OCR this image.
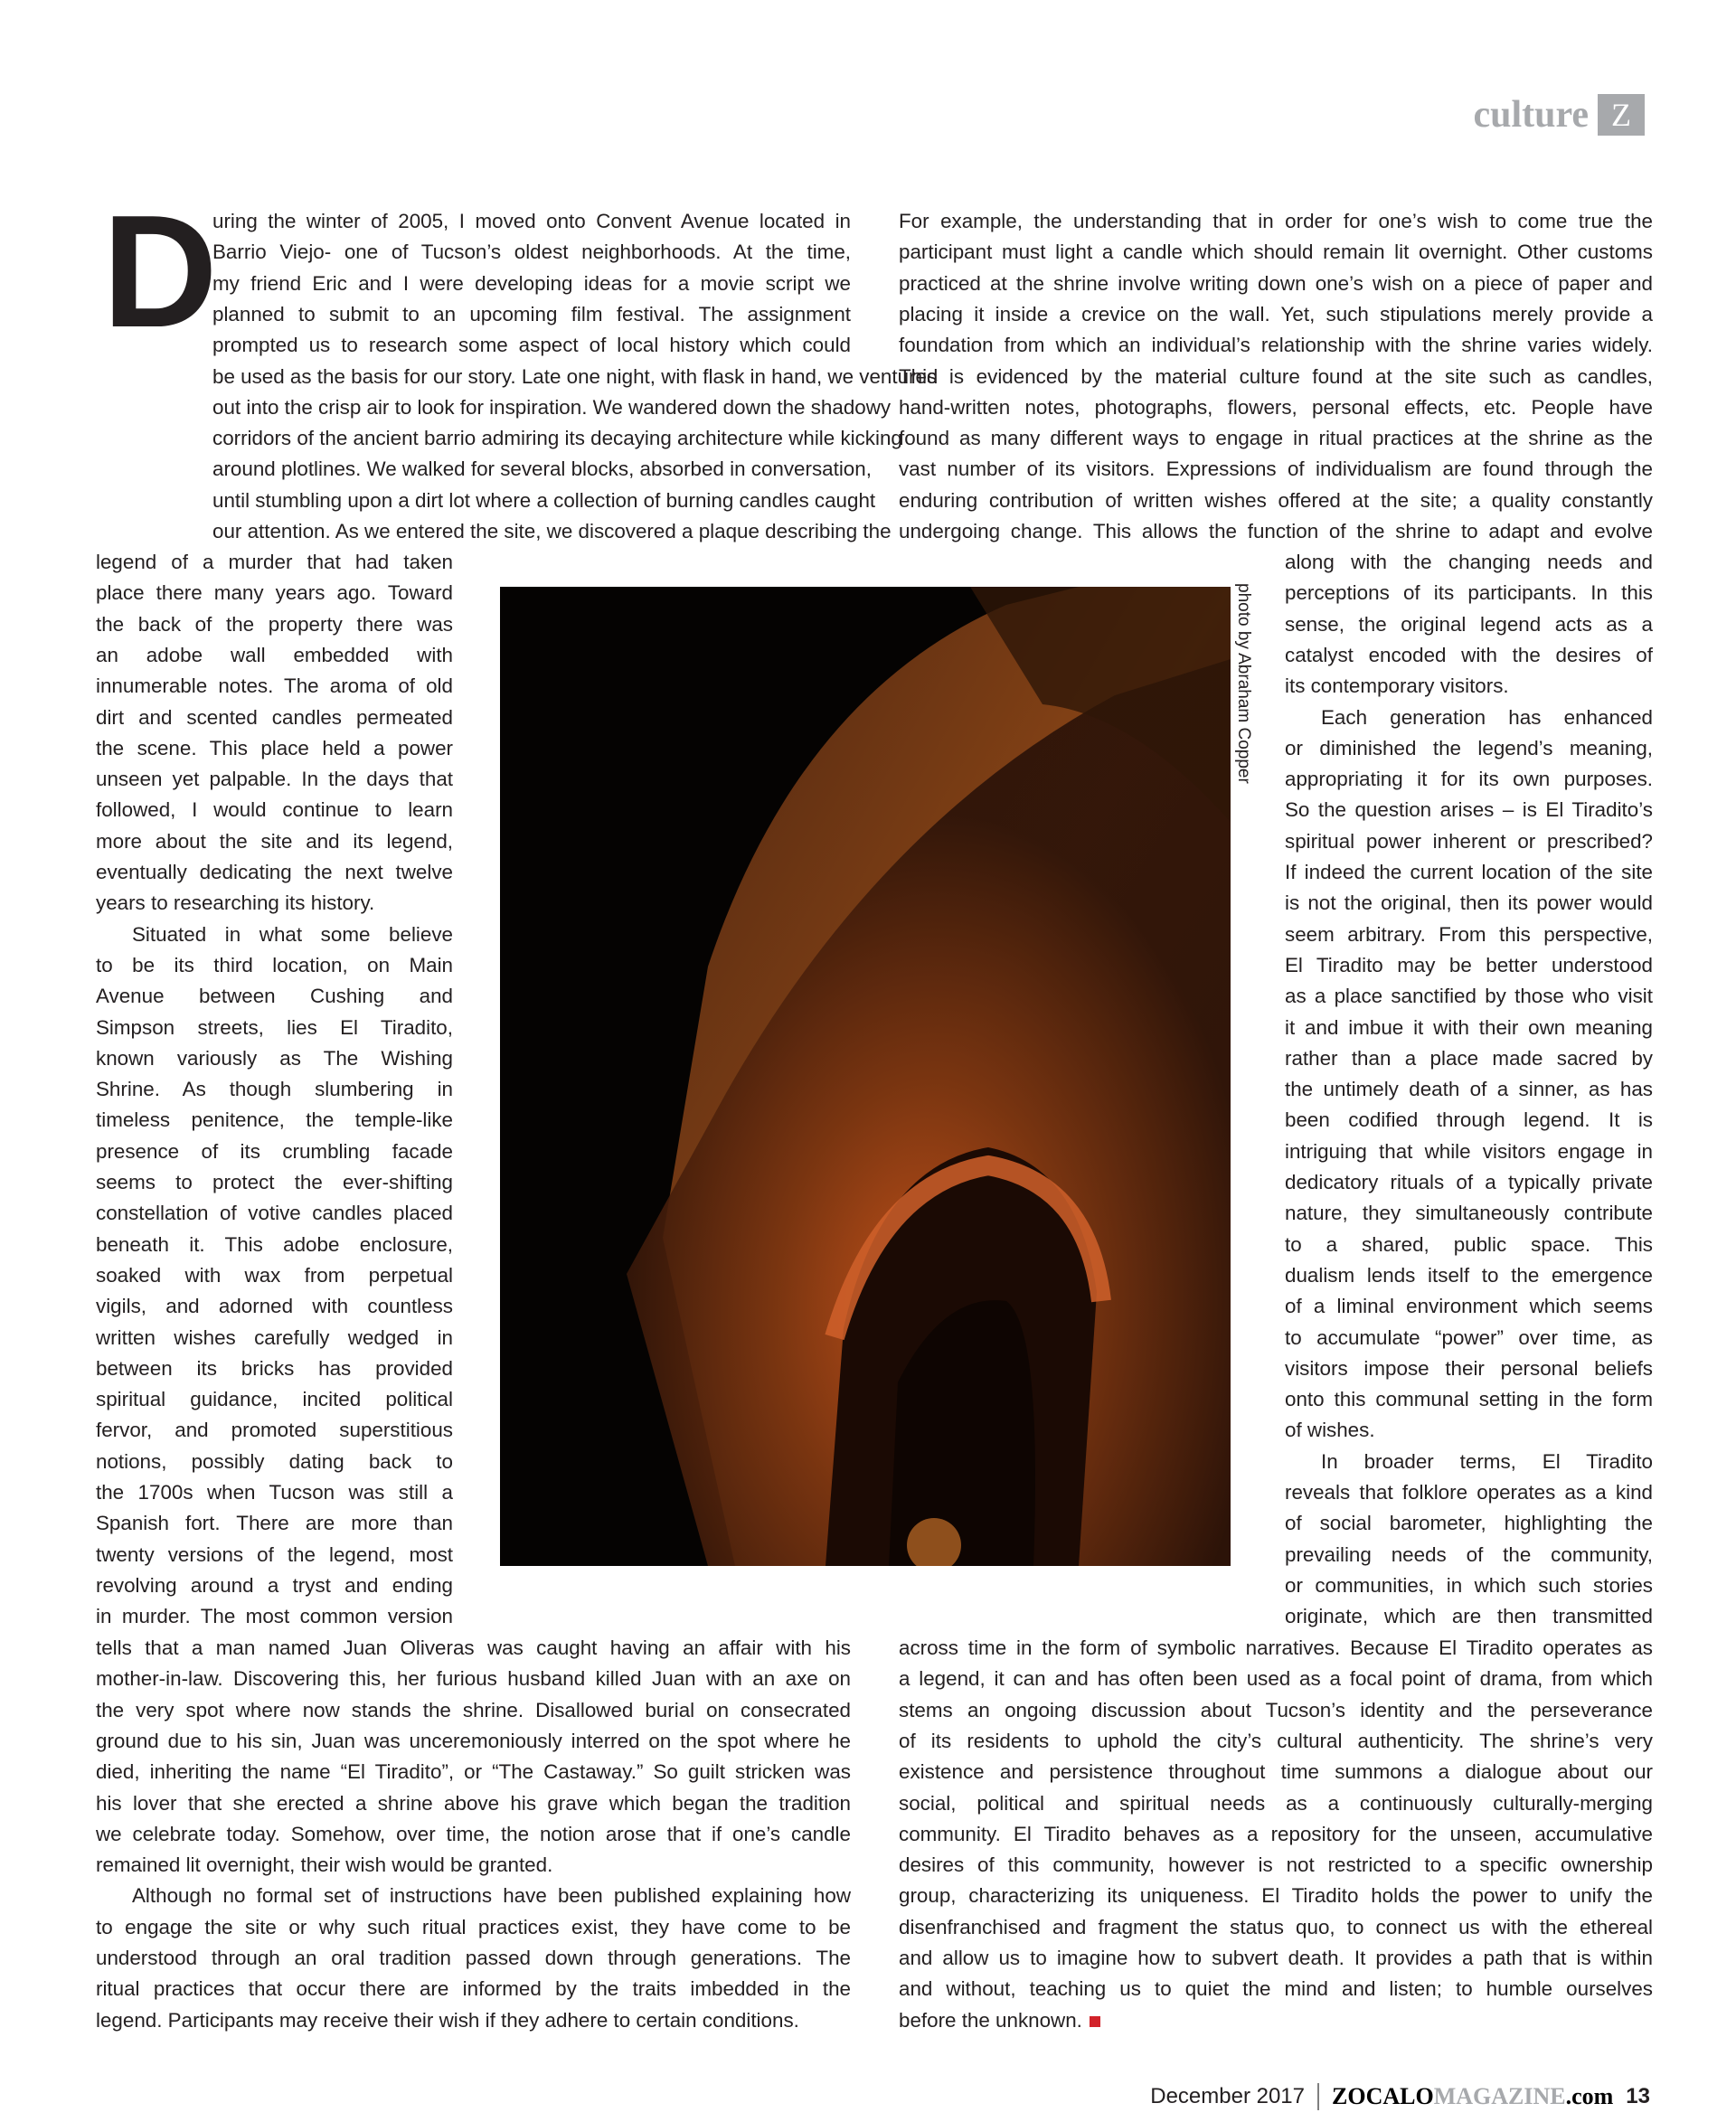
culture Z
D
uring the winter of 2005, I moved onto Convent Avenue located in
Barrio Viejo- one of Tucson’s oldest neighborhoods. At the time,
my friend Eric and I were developing ideas for a movie script we
planned to submit to an upcoming film festival. The assignment
prompted us to research some aspect of local history which could
be used as the basis for our story. Late one night, with flask in hand, we ventured
out into the crisp air to look for inspiration. We wandered down the shadowy
corridors of the ancient barrio admiring its decaying architecture while kicking
around plotlines. We walked for several blocks, absorbed in conversation,
until stumbling upon a dirt lot where a collection of burning candles caught
our attention. As we entered the site, we discovered a plaque describing the
legend of a murder that had taken
place there many years ago. Toward
the back of the property there was
an adobe wall embedded with
innumerable notes. The aroma of old
dirt and scented candles permeated
the scene. This place held a power
unseen yet palpable. In the days that
followed, I would continue to learn
more about the site and its legend,
eventually dedicating the next twelve
years to researching its history.
Situated in what some believe
to be its third location, on Main
Avenue between Cushing and
Simpson streets, lies El Tiradito,
known variously as The Wishing
Shrine. As though slumbering in
timeless penitence, the temple-like
presence of its crumbling facade
seems to protect the ever-shifting
constellation of votive candles placed
beneath it. This adobe enclosure,
soaked with wax from perpetual
vigils, and adorned with countless
written wishes carefully wedged in
between its bricks has provided
spiritual guidance, incited political
fervor, and promoted superstitious
notions, possibly dating back to
the 1700s when Tucson was still a
Spanish fort. There are more than
twenty versions of the legend, most
revolving around a tryst and ending
in murder. The most common version
tells that a man named Juan Oliveras was caught having an affair with his
mother-in-law. Discovering this, her furious husband killed Juan with an axe on
the very spot where now stands the shrine. Disallowed burial on consecrated
ground due to his sin, Juan was unceremoniously interred on the spot where he
died, inheriting the name “El Tiradito”, or “The Castaway.” So guilt stricken was
his lover that she erected a shrine above his grave which began the tradition
we celebrate today. Somehow, over time, the notion arose that if one’s candle
remained lit overnight, their wish would be granted.
Although no formal set of instructions have been published explaining how
to engage the site or why such ritual practices exist, they have come to be
understood through an oral tradition passed down through generations. The
ritual practices that occur there are informed by the traits imbedded in the
legend. Participants may receive their wish if they adhere to certain conditions.
For example, the understanding that in order for one’s wish to come true the
participant must light a candle which should remain lit overnight. Other customs
practiced at the shrine involve writing down one’s wish on a piece of paper and
placing it inside a crevice on the wall. Yet, such stipulations merely provide a
foundation from which an individual’s relationship with the shrine varies widely.
This is evidenced by the material culture found at the site such as candles,
hand-written notes, photographs, flowers, personal effects, etc. People have
found as many different ways to engage in ritual practices at the shrine as the
vast number of its visitors. Expressions of individualism are found through the
enduring contribution of written wishes offered at the site; a quality constantly
undergoing change. This allows the function of the shrine to adapt and evolve
along with the changing needs and
perceptions of its participants. In this
sense, the original legend acts as a
catalyst encoded with the desires of
its contemporary visitors.
Each generation has enhanced
or diminished the legend’s meaning,
appropriating it for its own purposes.
So the question arises – is El Tiradito’s
spiritual power inherent or prescribed?
If indeed the current location of the site
is not the original, then its power would
seem arbitrary. From this perspective,
El Tiradito may be better understood
as a place sanctified by those who visit
it and imbue it with their own meaning
rather than a place made sacred by
the untimely death of a sinner, as has
been codified through legend. It is
intriguing that while visitors engage in
dedicatory rituals of a typically private
nature, they simultaneously contribute
to a shared, public space. This
dualism lends itself to the emergence
of a liminal environment which seems
to accumulate “power” over time, as
visitors impose their personal beliefs
onto this communal setting in the form
of wishes.
In broader terms, El Tiradito
reveals that folklore operates as a kind
of social barometer, highlighting the
prevailing needs of the community,
or communities, in which such stories
originate, which are then transmitted
across time in the form of symbolic narratives. Because El Tiradito operates as
a legend, it can and has often been used as a focal point of drama, from which
stems an ongoing discussion about Tucson’s identity and the perseverance
of its residents to uphold the city’s cultural authenticity. The shrine’s very
existence and persistence throughout time summons a dialogue about our
social, political and spiritual needs as a continuously culturally-merging
community. El Tiradito behaves as a repository for the unseen, accumulative
desires of this community, however is not restricted to a specific ownership
group, characterizing its uniqueness. El Tiradito holds the power to unify the
disenfranchised and fragment the status quo, to connect us with the ethereal
and allow us to imagine how to subvert death. It provides a path that is within
and without, teaching us to quiet the mind and listen; to humble ourselves
before the unknown.
photo by Abraham Copper
December 2017 ZOCALOMAGAZINE.com 13
